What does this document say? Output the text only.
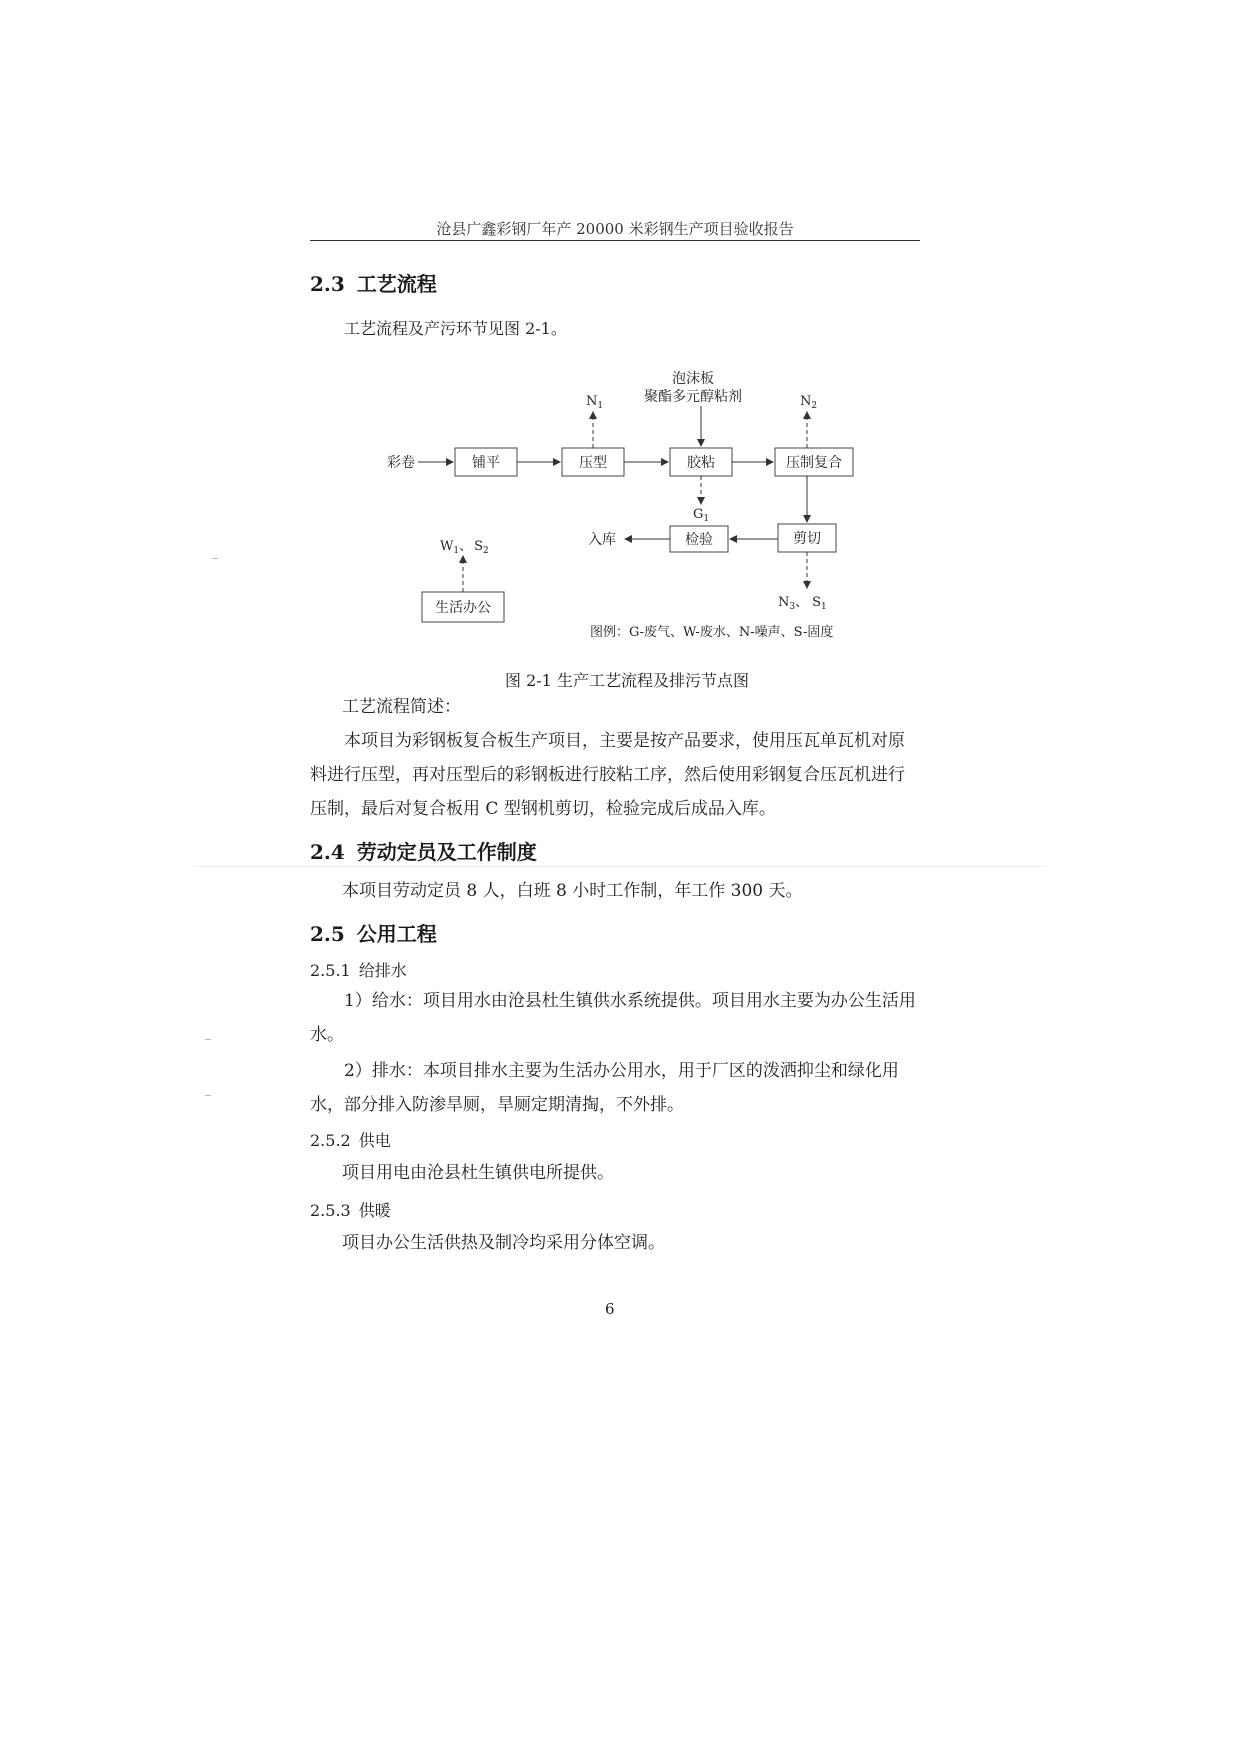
沧县广鑫彩钢厂年产 20000 米彩钢生产项目验收报告
2.3 工艺流程
工艺流程及产污环节见图 2-1。
铺平	压型	胶粘	压制复合
剪切
检验
生活办公
彩卷
入库
泡沫板
聚酯多元醇粘剂
$N_1$	$N_2$
$G_1$
$N_3$、 $S_1$
$W_1$、 $S_2$
图例：G-废气、W-废水、N-噪声、S-固度
图 2-1 生产工艺流程及排污节点图
工艺流程简述：
本项目为彩钢板复合板生产项目，主要是按产品要求，使用压瓦单瓦机对原料进行压型，再对压型后的彩钢板进行胶粘工序，然后使用彩钢复合压瓦机进行压制，最后对复合板用 C 型钢机剪切，检验完成后成品入库。
2.4 劳动定员及工作制度
本项目劳动定员 8 人，白班 8 小时工作制，年工作 300 天。
2.5 公用工程
2.5.1 给排水
1）给水：项目用水由沧县杜生镇供水系统提供。项目用水主要为办公生活用水。
2）排水：本项目排水主要为生活办公用水，用于厂区的泼洒抑尘和绿化用水，部分排入防渗旱厕，旱厕定期清掏，不外排。
2.5.2 供电
项目用电由沧县杜生镇供电所提供。
2.5.3 供暖
项目办公生活供热及制冷均采用分体空调。
6
